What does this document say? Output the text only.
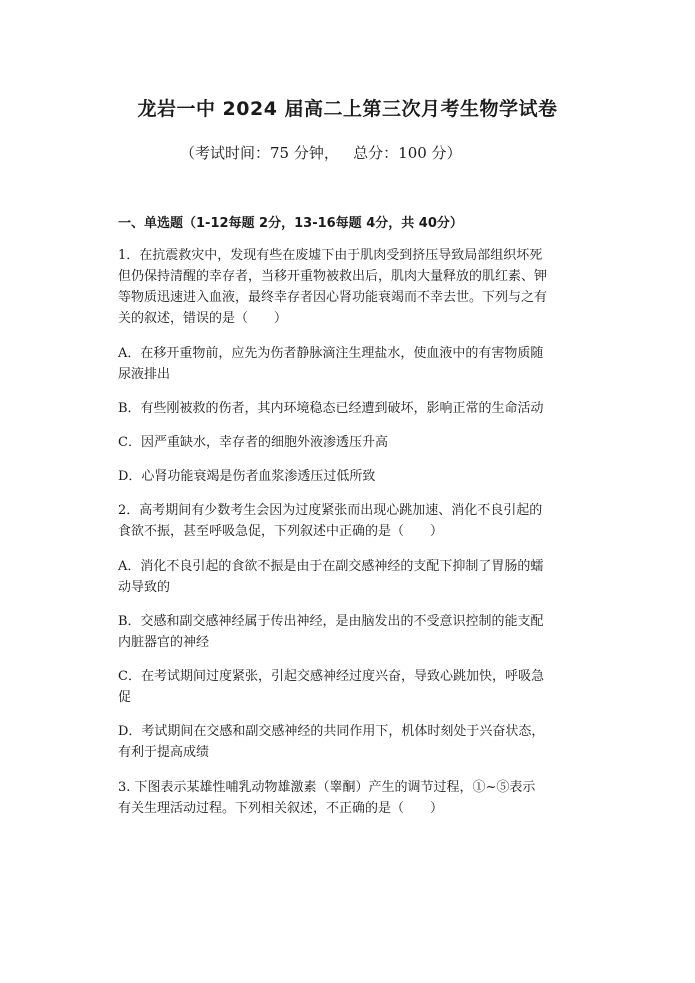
龙岩一中 2024 届高二上第三次月考生物学试卷
（考试时间：75 分钟，   总分：100 分）
一、单选题（1-12每题 2分，13-16每题 4分，共 40分）
1．在抗震救灾中，发现有些在废墟下由于肌肉受到挤压导致局部组织坏死
但仍保持清醒的幸存者，当移开重物被救出后，肌肉大量释放的肌红素、钾
等物质迅速进入血液，最终幸存者因心肾功能衰竭而不幸去世。下列与之有
关的叙述，错误的是（　　）
A．在移开重物前，应先为伤者静脉滴注生理盐水，使血液中的有害物质随
尿液排出
B．有些刚被救的伤者，其内环境稳态已经遭到破坏，影响正常的生命活动
C．因严重缺水，幸存者的细胞外液渗透压升高
D．心肾功能衰竭是伤者血浆渗透压过低所致
2．高考期间有少数考生会因为过度紧张而出现心跳加速、消化不良引起的
食欲不振，甚至呼吸急促，下列叙述中正确的是（　　）
A．消化不良引起的食欲不振是由于在副交感神经的支配下抑制了胃肠的蠕
动导致的
B．交感和副交感神经属于传出神经，是由脑发出的不受意识控制的能支配
内脏器官的神经
C．在考试期间过度紧张，引起交感神经过度兴奋，导致心跳加快，呼吸急
促
D．考试期间在交感和副交感神经的共同作用下，机体时刻处于兴奋状态，
有利于提高成绩
3. 下图表示某雄性哺乳动物雄激素（睾酮）产生的调节过程，①~⑤表示
有关生理活动过程。下列相关叙述，不正确的是（　　）
